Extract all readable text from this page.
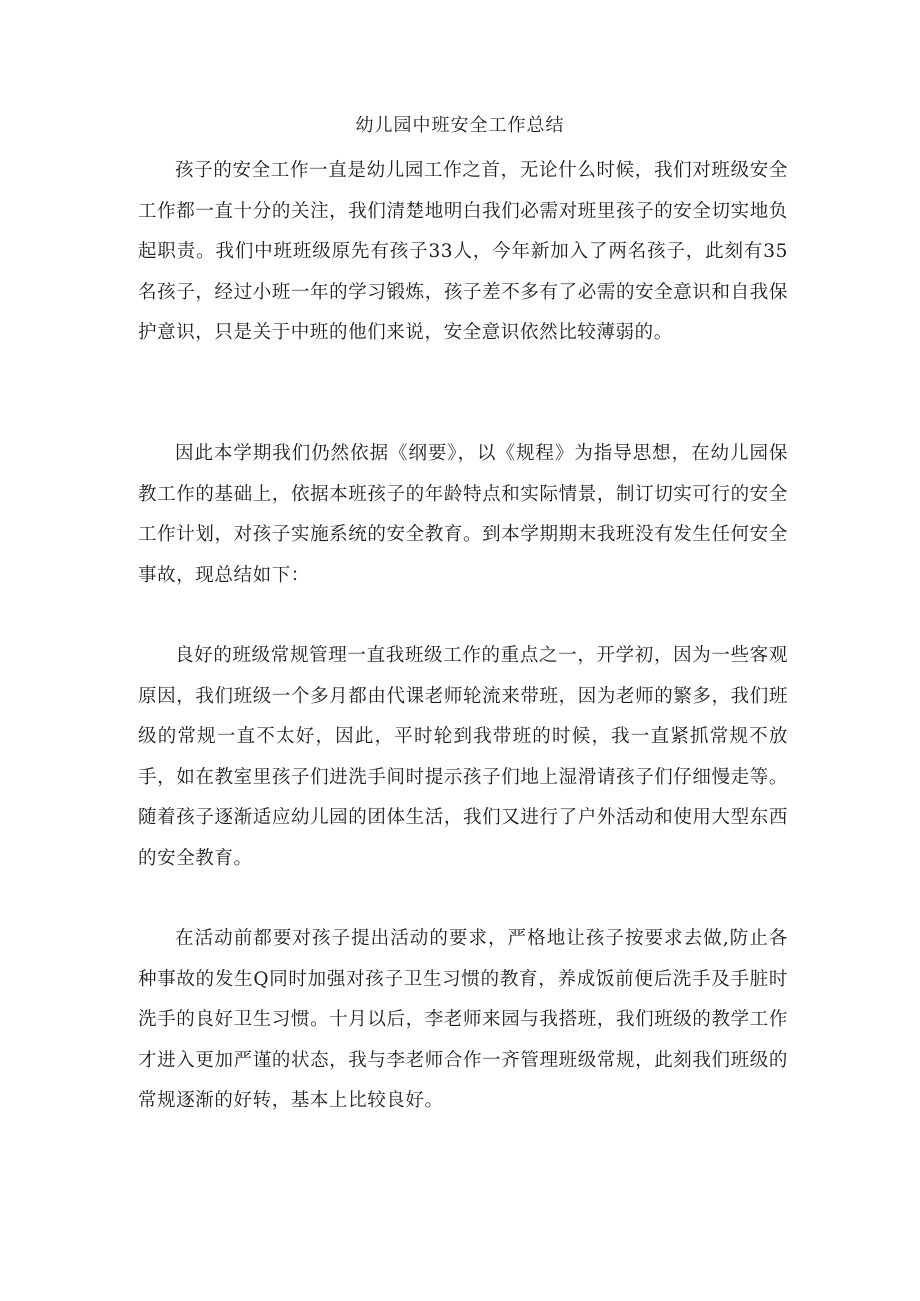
幼儿园中班安全工作总结

孩子的安全工作一直是幼儿园工作之首，无论什么时候，我们对班级安全工作都一直十分的关注，我们清楚地明白我们必需对班里孩子的安全切实地负起职责。我们中班班级原先有孩子33人，今年新加入了两名孩子，此刻有35名孩子，经过小班一年的学习锻炼，孩子差不多有了必需的安全意识和自我保护意识，只是关于中班的他们来说，安全意识依然比较薄弱的。

因此本学期我们仍然依据《纲要》，以《规程》为指导思想，在幼儿园保教工作的基础上，依据本班孩子的年龄特点和实际情景，制订切实可行的安全工作计划，对孩子实施系统的安全教育。到本学期期末我班没有发生任何安全事故，现总结如下：

良好的班级常规管理一直我班级工作的重点之一，开学初，因为一些客观原因，我们班级一个多月都由代课老师轮流来带班，因为老师的繁多，我们班级的常规一直不太好，因此，平时轮到我带班的时候，我一直紧抓常规不放手，如在教室里孩子们进洗手间时提示孩子们地上湿滑请孩子们仔细慢走等。随着孩子逐渐适应幼儿园的团体生活，我们又进行了户外活动和使用大型东西的安全教育。

在活动前都要对孩子提出活动的要求，严格地让孩子按要求去做,防止各种事故的发生Q同时加强对孩子卫生习惯的教育，养成饭前便后洗手及手脏时洗手的良好卫生习惯。十月以后，李老师来园与我搭班，我们班级的教学工作才进入更加严谨的状态，我与李老师合作一齐管理班级常规，此刻我们班级的常规逐渐的好转，基本上比较良好。
